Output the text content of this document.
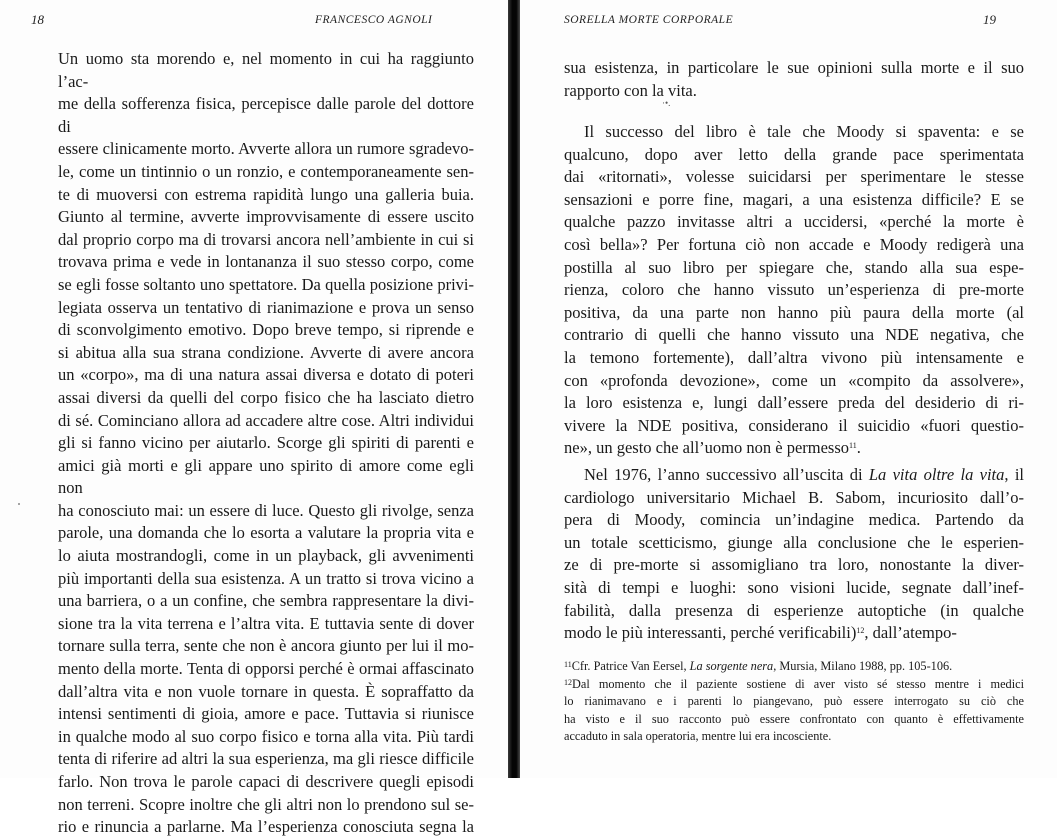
18	FRANCESCO AGNOLI

Un uomo sta morendo e, nel momento in cui ha raggiunto l’ac-

me della sofferenza fisica, percepisce dalle parole del dottore di

essere clinicamente morto. Avverte allora un rumore sgradevo-

le, come un tintinnio o un ronzio, e contemporaneamente sen-

te di muoversi con estrema rapidità lungo una galleria buia.

Giunto al termine, avverte improvvisamente di essere uscito

dal proprio corpo ma di trovarsi ancora nell’ambiente in cui si

trovava prima e vede in lontananza il suo stesso corpo, come

se egli fosse soltanto uno spettatore. Da quella posizione privi-

legiata osserva un tentativo di rianimazione e prova un senso

di sconvolgimento emotivo. Dopo breve tempo, si riprende e

si abitua alla sua strana condizione. Avverte di avere ancora

un «corpo», ma di una natura assai diversa e dotato di poteri

assai diversi da quelli del corpo fisico che ha lasciato dietro

di sé. Cominciano allora ad accadere altre cose. Altri individui

gli si fanno vicino per aiutarlo. Scorge gli spiriti di parenti e

amici già morti e gli appare uno spirito di amore come egli non

ha conosciuto mai: un essere di luce. Questo gli rivolge, senza

parole, una domanda che lo esorta a valutare la propria vita e

lo aiuta mostrandogli, come in un playback, gli avvenimenti

più importanti della sua esistenza. A un tratto si trova vicino a

una barriera, o a un confine, che sembra rappresentare la divi-

sione tra la vita terrena e l’altra vita. E tuttavia sente di dover

tornare sulla terra, sente che non è ancora giunto per lui il mo-

mento della morte. Tenta di opporsi perché è ormai affascinato

dall’altra vita e non vuole tornare in questa. È sopraffatto da

intensi sentimenti di gioia, amore e pace. Tuttavia si riunisce

in qualche modo al suo corpo fisico e torna alla vita. Più tardi

tenta di riferire ad altri la sua esperienza, ma gli riesce difficile

farlo. Non trova le parole capaci di descrivere quegli episodi

non terreni. Scopre inoltre che gli altri non lo prendono sul se-

rio e rinuncia a parlarne. Ma l’esperienza conosciuta segna la

SORELLA MORTE CORPORALE	19

sua esistenza, in particolare le sue opinioni sulla morte e il suo

rapporto con la vita.

·•.

Il successo del libro è tale che Moody si spaventa: e se

qualcuno, dopo aver letto della grande pace sperimentata

dai «ritornati», volesse suicidarsi per sperimentare le stesse

sensazioni e porre fine, magari, a una esistenza difficile? E se

qualche pazzo invitasse altri a uccidersi, «perché la morte è

così bella»? Per fortuna ciò non accade e Moody redigerà una

postilla al suo libro per spiegare che, stando alla sua espe-

rienza, coloro che hanno vissuto un’esperienza di pre-morte

positiva, da una parte non hanno più paura della morte (al

contrario di quelli che hanno vissuto una NDE negativa, che

la temono fortemente), dall’altra vivono più intensamente e

con «profonda devozione», come un «compito da assolvere»,

la loro esistenza e, lungi dall’essere preda del desiderio di ri-

vivere la NDE positiva, considerano il suicidio «fuori questio-

ne», un gesto che all’uomo non è permesso$^{11}$.

Nel 1976, l’anno successivo all’uscita di La vita oltre la vita, il

cardiologo universitario Michael B. Sabom, incuriosito dall’o-

pera di Moody, comincia un’indagine medica. Partendo da

un totale scetticismo, giunge alla conclusione che le esperien-

ze di pre-morte si assomigliano tra loro, nonostante la diver-

sità di tempi e luoghi: sono visioni lucide, segnate dall’inef-

fabilità, dalla presenza di esperienze autoptiche (in qualche

modo le più interessanti, perché verificabili)$^{12}$, dall’atempo-

$^{11}$Cfr. Patrice Van Eersel, La sorgente nera, Mursia, Milano 1988, pp. 105-106.

$^{12}$Dal momento che il paziente sostiene di aver visto sé stesso mentre i medici

lo rianimavano e i parenti lo piangevano, può essere interrogato su ciò che

ha visto e il suo racconto può essere confrontato con quanto è effettivamente

accaduto in sala operatoria, mentre lui era incosciente.
